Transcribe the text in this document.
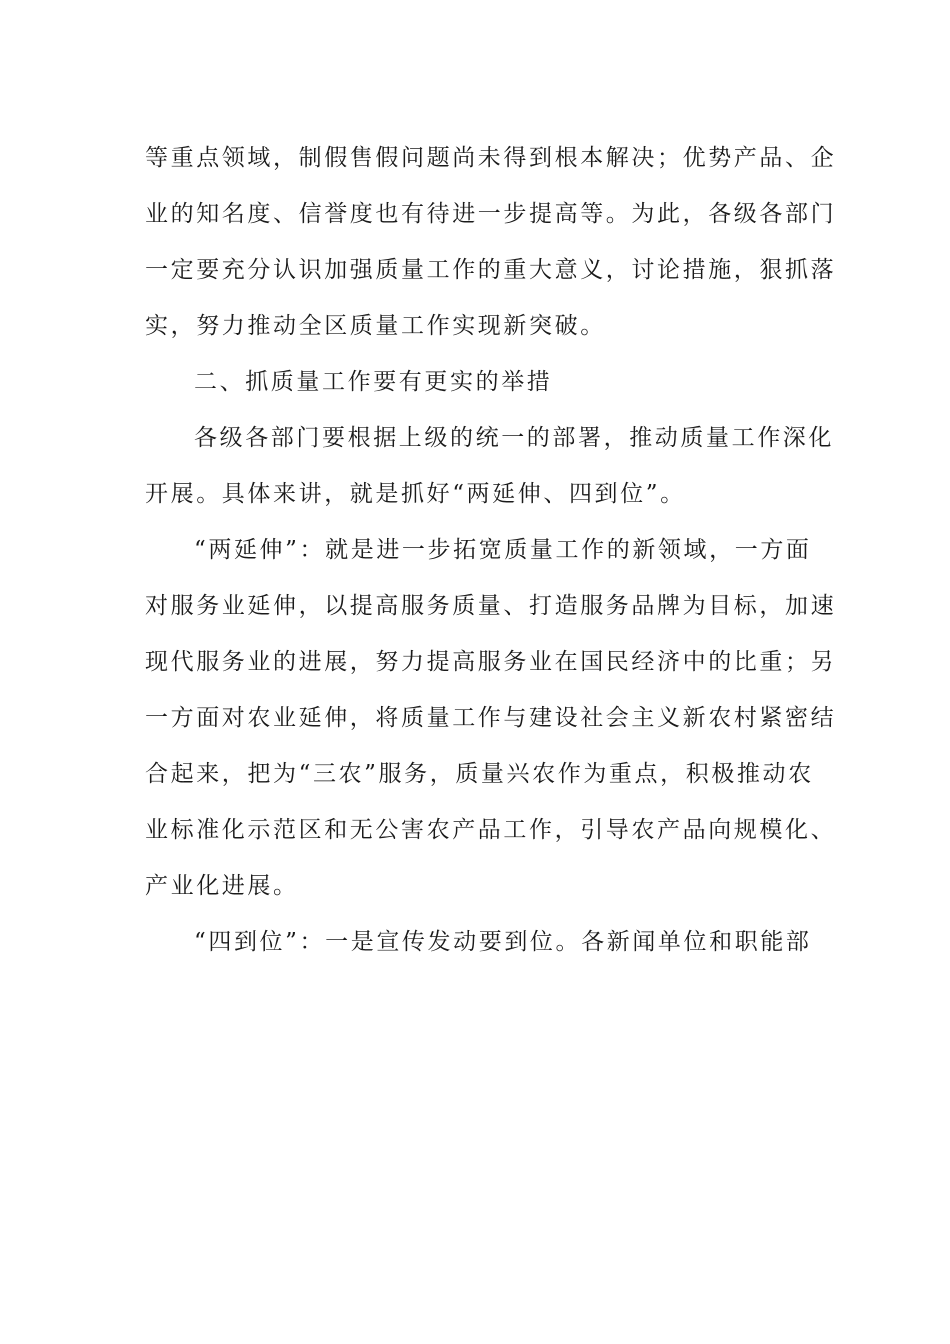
等重点领域，制假售假问题尚未得到根本解决；优势产品、企
业的知名度、信誉度也有待进一步提高等。为此，各级各部门
一定要充分认识加强质量工作的重大意义，讨论措施，狠抓落
实，努力推动全区质量工作实现新突破。
二、抓质量工作要有更实的举措
各级各部门要根据上级的统一的部署，推动质量工作深化
开展。具体来讲，就是抓好“两延伸、四到位”。
“两延伸”：就是进一步拓宽质量工作的新领域，一方面
对服务业延伸，以提高服务质量、打造服务品牌为目标，加速
现代服务业的进展，努力提高服务业在国民经济中的比重；另
一方面对农业延伸，将质量工作与建设社会主义新农村紧密结
合起来，把为“三农”服务，质量兴农作为重点，积极推动农
业标准化示范区和无公害农产品工作，引导农产品向规模化、
产业化进展。
“四到位”：一是宣传发动要到位。各新闻单位和职能部
